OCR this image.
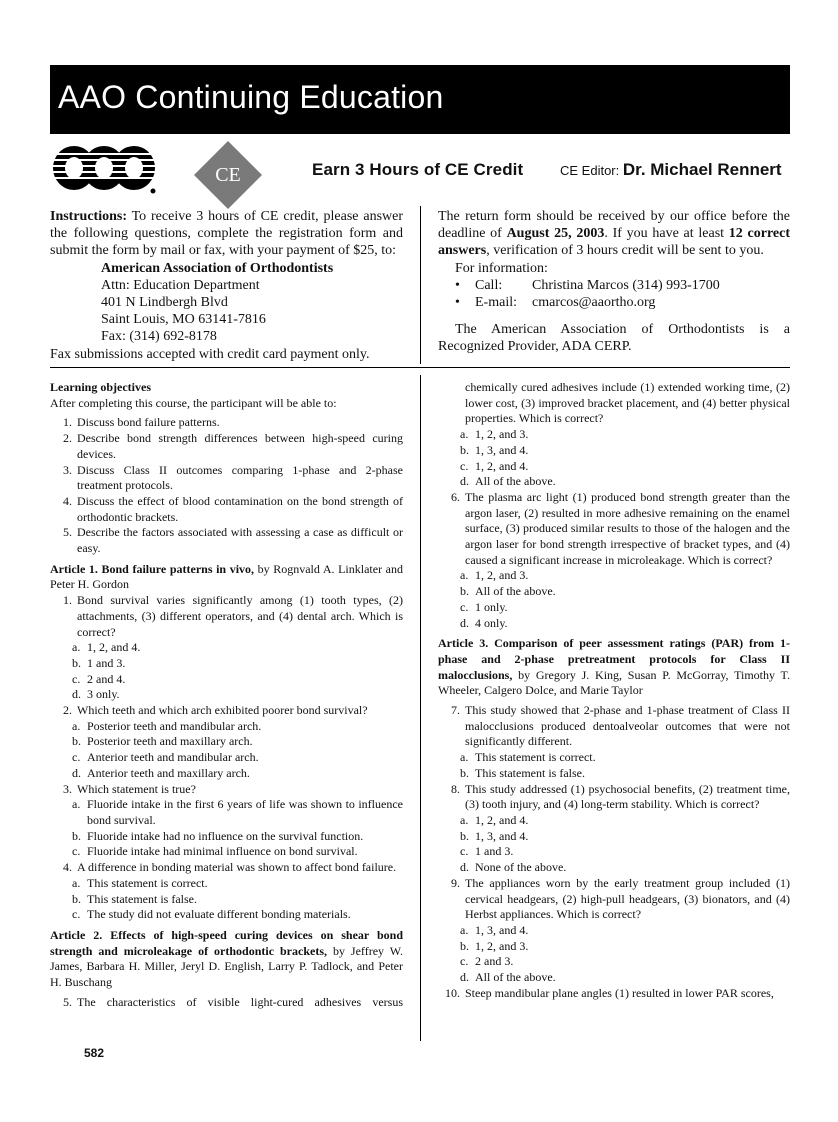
AAO Continuing Education
CE	Earn 3 Hours of CE Credit	CE Editor: Dr. Michael Rennert
Instructions: To receive 3 hours of CE credit, please answer the following questions, complete the registration form and submit the form by mail or fax, with your payment of $25, to:
American Association of Orthodontists
Attn: Education Department
401 N Lindbergh Blvd
Saint Louis, MO 63141-7816
Fax: (314) 692-8178
Fax submissions accepted with credit card payment only.
The return form should be received by our office before the deadline of August 25, 2003. If you have at least 12 correct answers, verification of 3 hours credit will be sent to you.
For information:
•	Call:	Christina Marcos (314) 993-1700
•	E-mail:	cmarcos@aaortho.org
The American Association of Orthodontists is a Recognized Provider, ADA CERP.
Learning objectives
After completing this course, the participant will be able to:
1. Discuss bond failure patterns.
2. Describe bond strength differences between high-speed curing devices.
3. Discuss Class II outcomes comparing 1-phase and 2-phase treatment protocols.
4. Discuss the effect of blood contamination on the bond strength of orthodontic brackets.
5. Describe the factors associated with assessing a case as difficult or easy.
Article 1. Bond failure patterns in vivo, by Rognvald A. Linklater and Peter H. Gordon
1. Bond survival varies significantly among (1) tooth types, (2) attachments, (3) different operators, and (4) dental arch. Which is correct?
a. 1, 2, and 4.
b. 1 and 3.
c. 2 and 4.
d. 3 only.
2. Which teeth and which arch exhibited poorer bond survival?
a. Posterior teeth and mandibular arch.
b. Posterior teeth and maxillary arch.
c. Anterior teeth and mandibular arch.
d. Anterior teeth and maxillary arch.
3. Which statement is true?
a. Fluoride intake in the first 6 years of life was shown to influence bond survival.
b. Fluoride intake had no influence on the survival function.
c. Fluoride intake had minimal influence on bond survival.
4. A difference in bonding material was shown to affect bond failure.
a. This statement is correct.
b. This statement is false.
c. The study did not evaluate different bonding materials.
Article 2. Effects of high-speed curing devices on shear bond strength and microleakage of orthodontic brackets, by Jeffrey W. James, Barbara H. Miller, Jeryl D. English, Larry P. Tadlock, and Peter H. Buschang
5. The characteristics of visible light-cured adhesives versus
chemically cured adhesives include (1) extended working time, (2) lower cost, (3) improved bracket placement, and (4) better physical properties. Which is correct?
a. 1, 2, and 3.
b. 1, 3, and 4.
c. 1, 2, and 4.
d. All of the above.
6. The plasma arc light (1) produced bond strength greater than the argon laser, (2) resulted in more adhesive remaining on the enamel surface, (3) produced similar results to those of the halogen and the argon laser for bond strength irrespective of bracket types, and (4) caused a significant increase in microleakage. Which is correct?
a. 1, 2, and 3.
b. All of the above.
c. 1 only.
d. 4 only.
Article 3. Comparison of peer assessment ratings (PAR) from 1-phase and 2-phase pretreatment protocols for Class II malocclusions, by Gregory J. King, Susan P. McGorray, Timothy T. Wheeler, Calgero Dolce, and Marie Taylor
7. This study showed that 2-phase and 1-phase treatment of Class II malocclusions produced dentoalveolar outcomes that were not significantly different.
a. This statement is correct.
b. This statement is false.
8. This study addressed (1) psychosocial benefits, (2) treatment time, (3) tooth injury, and (4) long-term stability. Which is correct?
a. 1, 2, and 4.
b. 1, 3, and 4.
c. 1 and 3.
d. None of the above.
9. The appliances worn by the early treatment group included (1) cervical headgears, (2) high-pull headgears, (3) bionators, and (4) Herbst appliances. Which is correct?
a. 1, 3, and 4.
b. 1, 2, and 3.
c. 2 and 3.
d. All of the above.
10. Steep mandibular plane angles (1) resulted in lower PAR scores,
582
